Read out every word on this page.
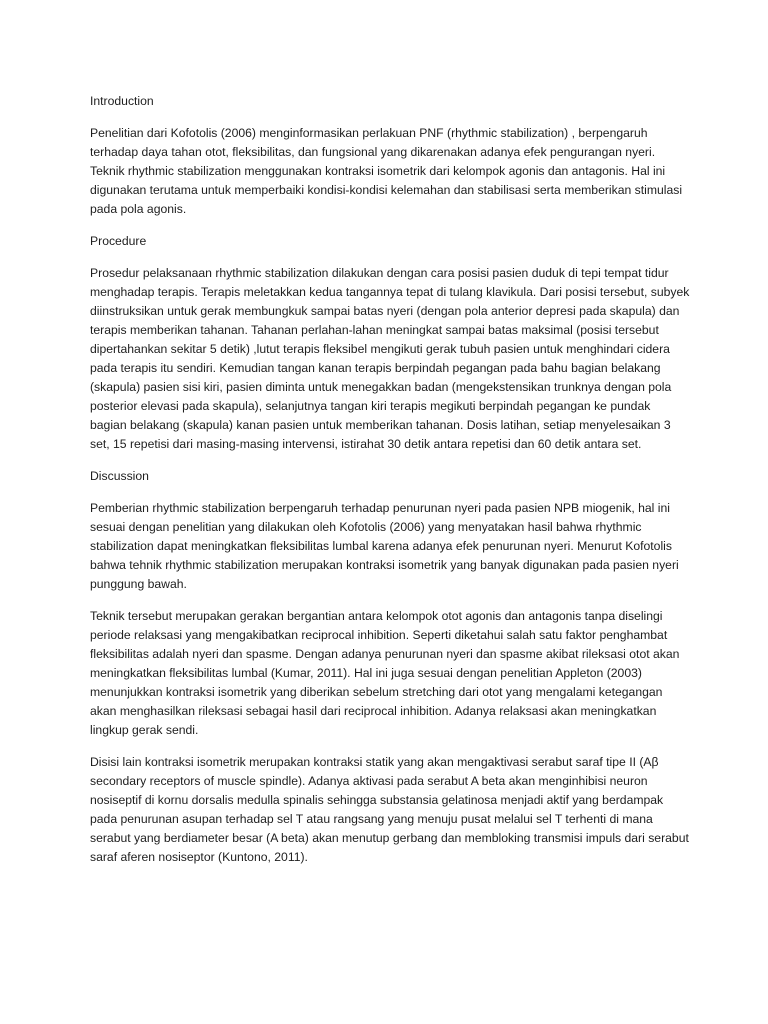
Introduction

Penelitian dari Kofotolis (2006) menginformasikan perlakuan PNF (rhythmic stabilization) , berpengaruh terhadap daya tahan otot, fleksibilitas, dan fungsional yang dikarenakan adanya efek pengurangan nyeri. Teknik rhythmic stabilization menggunakan kontraksi isometrik dari kelompok agonis dan antagonis. Hal ini digunakan terutama untuk memperbaiki kondisi-kondisi kelemahan dan stabilisasi serta memberikan stimulasi pada pola agonis.

Procedure

Prosedur pelaksanaan rhythmic stabilization dilakukan dengan cara posisi pasien duduk di tepi tempat tidur menghadap terapis. Terapis meletakkan kedua tangannya tepat di tulang klavikula. Dari posisi tersebut, subyek diinstruksikan untuk gerak membungkuk sampai batas nyeri (dengan pola anterior depresi pada skapula) dan terapis memberikan tahanan. Tahanan perlahan-lahan meningkat sampai batas maksimal (posisi tersebut dipertahankan sekitar 5 detik) ,lutut terapis fleksibel mengikuti gerak tubuh pasien untuk menghindari cidera pada terapis itu sendiri. Kemudian tangan kanan terapis berpindah pegangan pada bahu bagian belakang (skapula) pasien sisi kiri, pasien diminta untuk menegakkan badan (mengekstensikan trunknya dengan pola posterior elevasi pada skapula), selanjutnya tangan kiri terapis megikuti berpindah pegangan ke pundak bagian belakang (skapula) kanan pasien untuk memberikan tahanan. Dosis latihan, setiap menyelesaikan 3 set, 15 repetisi dari masing-masing intervensi, istirahat 30 detik antara repetisi dan 60 detik antara set.

Discussion

Pemberian rhythmic stabilization berpengaruh terhadap penurunan nyeri pada pasien NPB miogenik, hal ini sesuai dengan penelitian yang dilakukan oleh Kofotolis (2006) yang menyatakan hasil bahwa rhythmic stabilization dapat meningkatkan fleksibilitas lumbal karena adanya efek penurunan nyeri. Menurut Kofotolis bahwa tehnik rhythmic stabilization merupakan kontraksi isometrik yang banyak digunakan pada pasien nyeri punggung bawah.

Teknik tersebut merupakan gerakan bergantian antara kelompok otot agonis dan antagonis tanpa diselingi periode relaksasi yang mengakibatkan reciprocal inhibition. Seperti diketahui salah satu faktor penghambat fleksibilitas adalah nyeri dan spasme. Dengan adanya penurunan nyeri dan spasme akibat rileksasi otot akan meningkatkan fleksibilitas lumbal (Kumar, 2011). Hal ini juga sesuai dengan penelitian Appleton (2003) menunjukkan kontraksi isometrik yang diberikan sebelum stretching dari otot yang mengalami ketegangan akan menghasilkan rileksasi sebagai hasil dari reciprocal inhibition. Adanya relaksasi akan meningkatkan lingkup gerak sendi.

Disisi lain kontraksi isometrik merupakan kontraksi statik yang akan mengaktivasi serabut saraf tipe II (Aβ secondary receptors of muscle spindle). Adanya aktivasi pada serabut A beta akan menginhibisi neuron nosiseptif di kornu dorsalis medulla spinalis sehingga substansia gelatinosa menjadi aktif yang berdampak pada penurunan asupan terhadap sel T atau rangsang yang menuju pusat melalui sel T terhenti di mana serabut yang berdiameter besar (A beta) akan menutup gerbang dan membloking transmisi impuls dari serabut saraf aferen nosiseptor (Kuntono, 2011).
